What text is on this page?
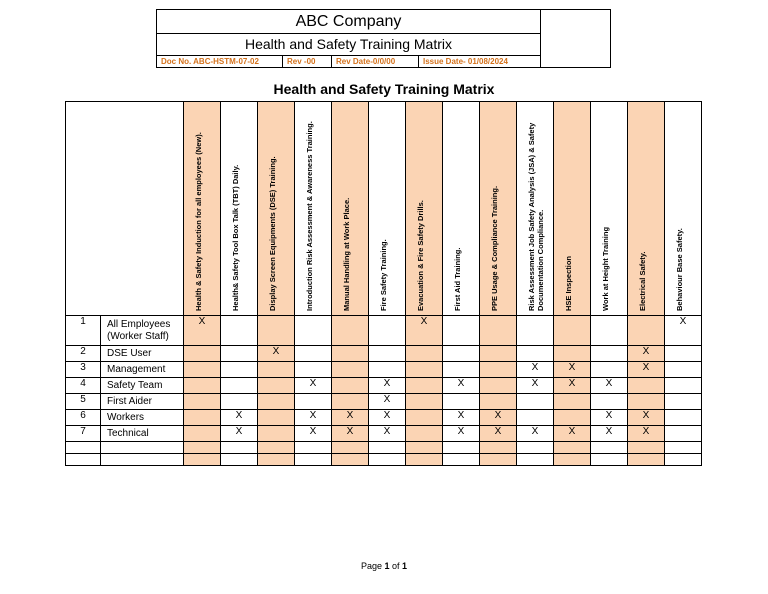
ABC Company
Health and Safety Training Matrix
Doc No. ABC-HSTM-07-02	Rev -00	Rev Date-0/0/00	Issue Date- 01/08/2024
Health and Safety Training Matrix

		Health & Safety Induction for all employees (New).	Health& Safety Tool Box Talk (TBT) Daily.	Display Screen Equipments (DSE) Training.	Introduction Risk Assessment & Awareness Training.	Manual Handling at Work Place.	Fire Safety Training.	Evacuation & Fire Safety Drills.	First Aid Training.	PPE Usage & Compliance Training.	Risk Assessment Job Safety Analysis (JSA) & Safety Documentation Compliance.	HSE Inspection	Work at Height Training	Electrical Safety.	Behaviour Base Safety.

1	All Employees (Worker Staff)	X						X							X
2	DSE User			X										X	
3	Management										X	X		X	
4	Safety Team				X		X		X		X	X	X		
5	First Aider						X								
6	Workers		X		X	X	X		X	X			X	X	
7	Technical		X		X	X	X		X	X	X	X	X	X	

Page 1 of 1
